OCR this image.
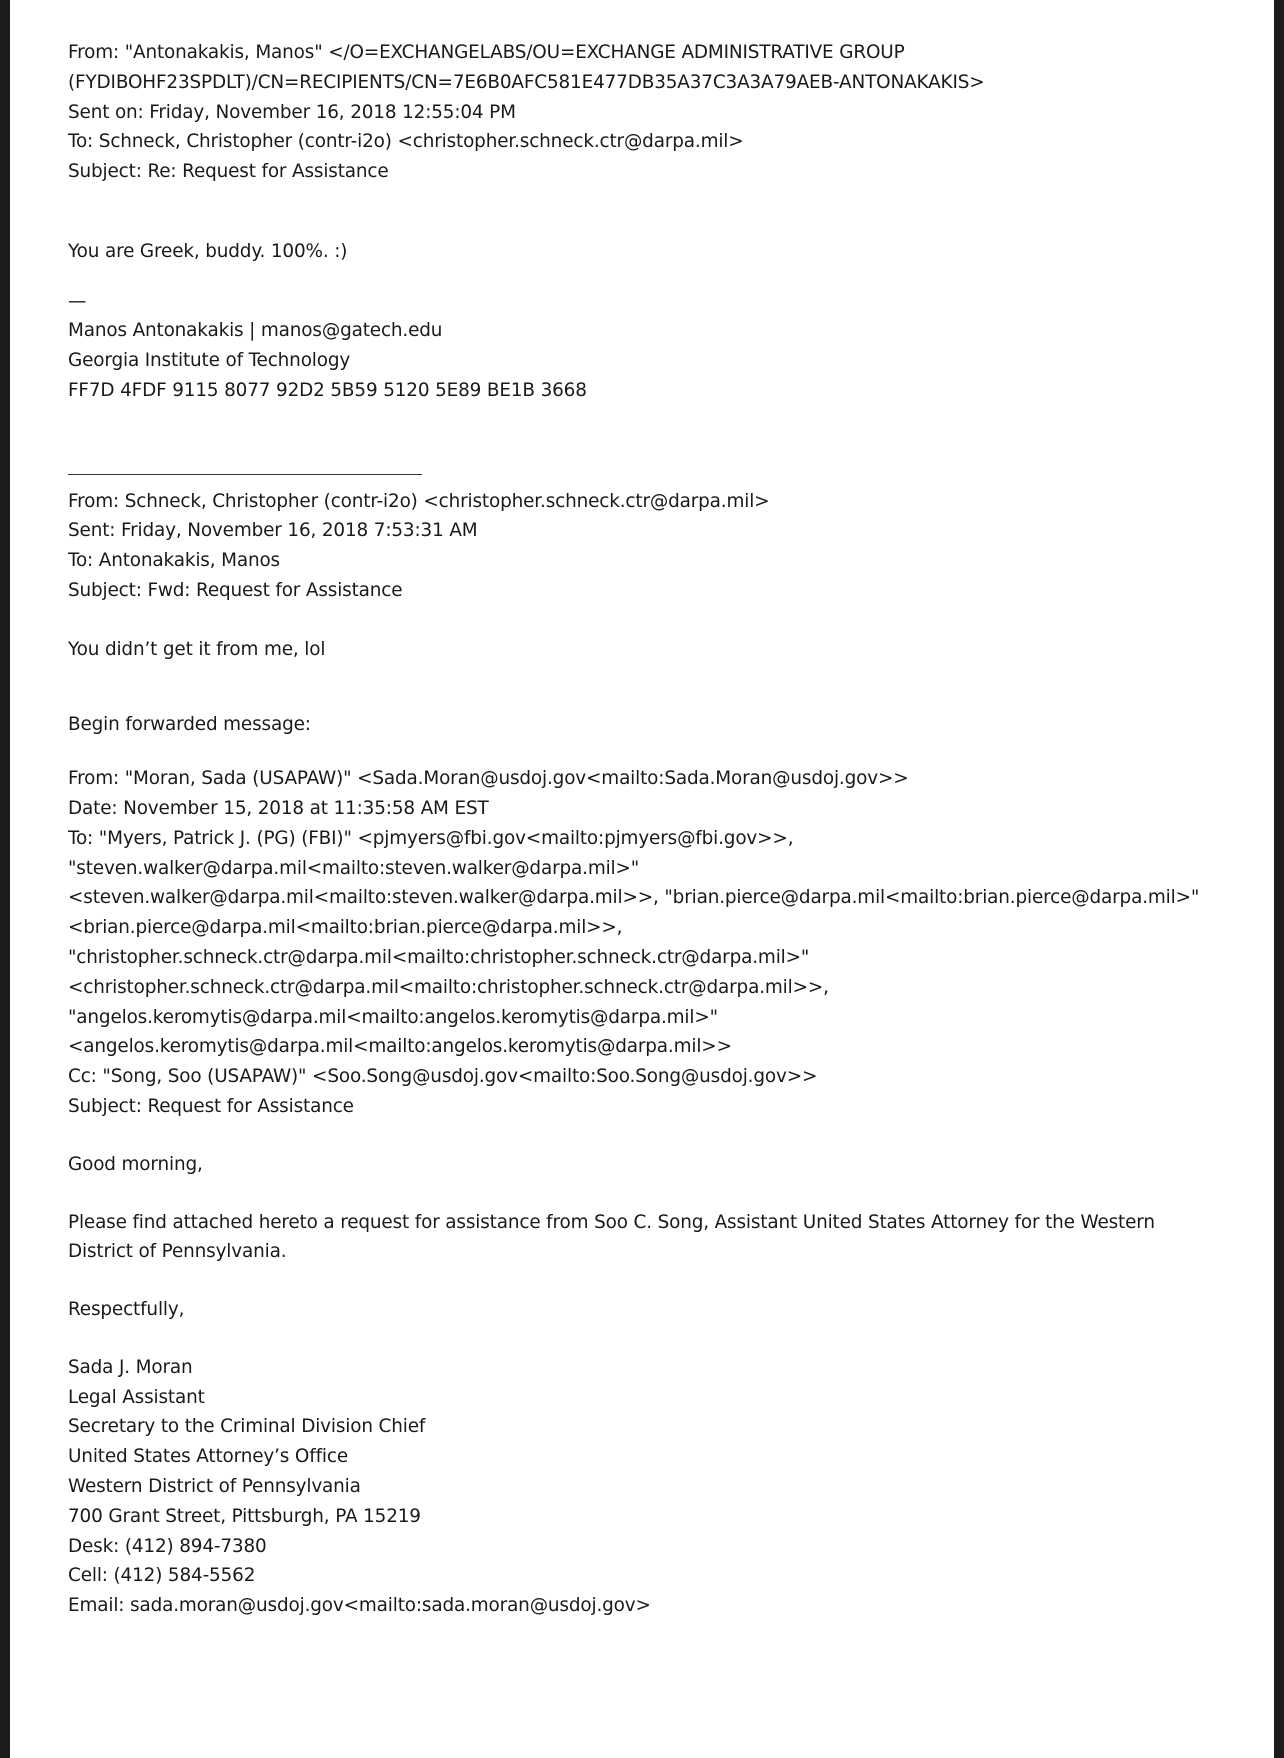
From: "Antonakakis, Manos" </O=EXCHANGELABS/OU=EXCHANGE ADMINISTRATIVE GROUP
(FYDIBOHF23SPDLT)/CN=RECIPIENTS/CN=7E6B0AFC581E477DB35A37C3A3A79AEB-ANTONAKAKIS>
Sent on: Friday, November 16, 2018 12:55:04 PM
To: Schneck, Christopher (contr-i2o) <christopher.schneck.ctr@darpa.mil>
Subject: Re: Request for Assistance
You are Greek, buddy. 100%. :)
—
Manos Antonakakis | manos@gatech.edu
Georgia Institute of Technology
FF7D 4FDF 9115 8077 92D2 5B59 5120 5E89 BE1B 3668
From: Schneck, Christopher (contr-i2o) <christopher.schneck.ctr@darpa.mil>
Sent: Friday, November 16, 2018 7:53:31 AM
To: Antonakakis, Manos
Subject: Fwd: Request for Assistance
You didn’t get it from me, lol
Begin forwarded message:
From: "Moran, Sada (USAPAW)" <Sada.Moran@usdoj.gov<mailto:Sada.Moran@usdoj.gov>>
Date: November 15, 2018 at 11:35:58 AM EST
To: "Myers, Patrick J. (PG) (FBI)" <pjmyers@fbi.gov<mailto:pjmyers@fbi.gov>>,
"steven.walker@darpa.mil<mailto:steven.walker@darpa.mil>"
<steven.walker@darpa.mil<mailto:steven.walker@darpa.mil>>, "brian.pierce@darpa.mil<mailto:brian.pierce@darpa.mil>"
<brian.pierce@darpa.mil<mailto:brian.pierce@darpa.mil>>,
"christopher.schneck.ctr@darpa.mil<mailto:christopher.schneck.ctr@darpa.mil>"
<christopher.schneck.ctr@darpa.mil<mailto:christopher.schneck.ctr@darpa.mil>>,
"angelos.keromytis@darpa.mil<mailto:angelos.keromytis@darpa.mil>"
<angelos.keromytis@darpa.mil<mailto:angelos.keromytis@darpa.mil>>
Cc: "Song, Soo (USAPAW)" <Soo.Song@usdoj.gov<mailto:Soo.Song@usdoj.gov>>
Subject: Request for Assistance
Good morning,
Please find attached hereto a request for assistance from Soo C. Song, Assistant United States Attorney for the Western District of Pennsylvania.
Respectfully,
Sada J. Moran
Legal Assistant
Secretary to the Criminal Division Chief
United States Attorney’s Office
Western District of Pennsylvania
700 Grant Street, Pittsburgh, PA 15219
Desk: (412) 894-7380
Cell: (412) 584-5562
Email: sada.moran@usdoj.gov<mailto:sada.moran@usdoj.gov>
